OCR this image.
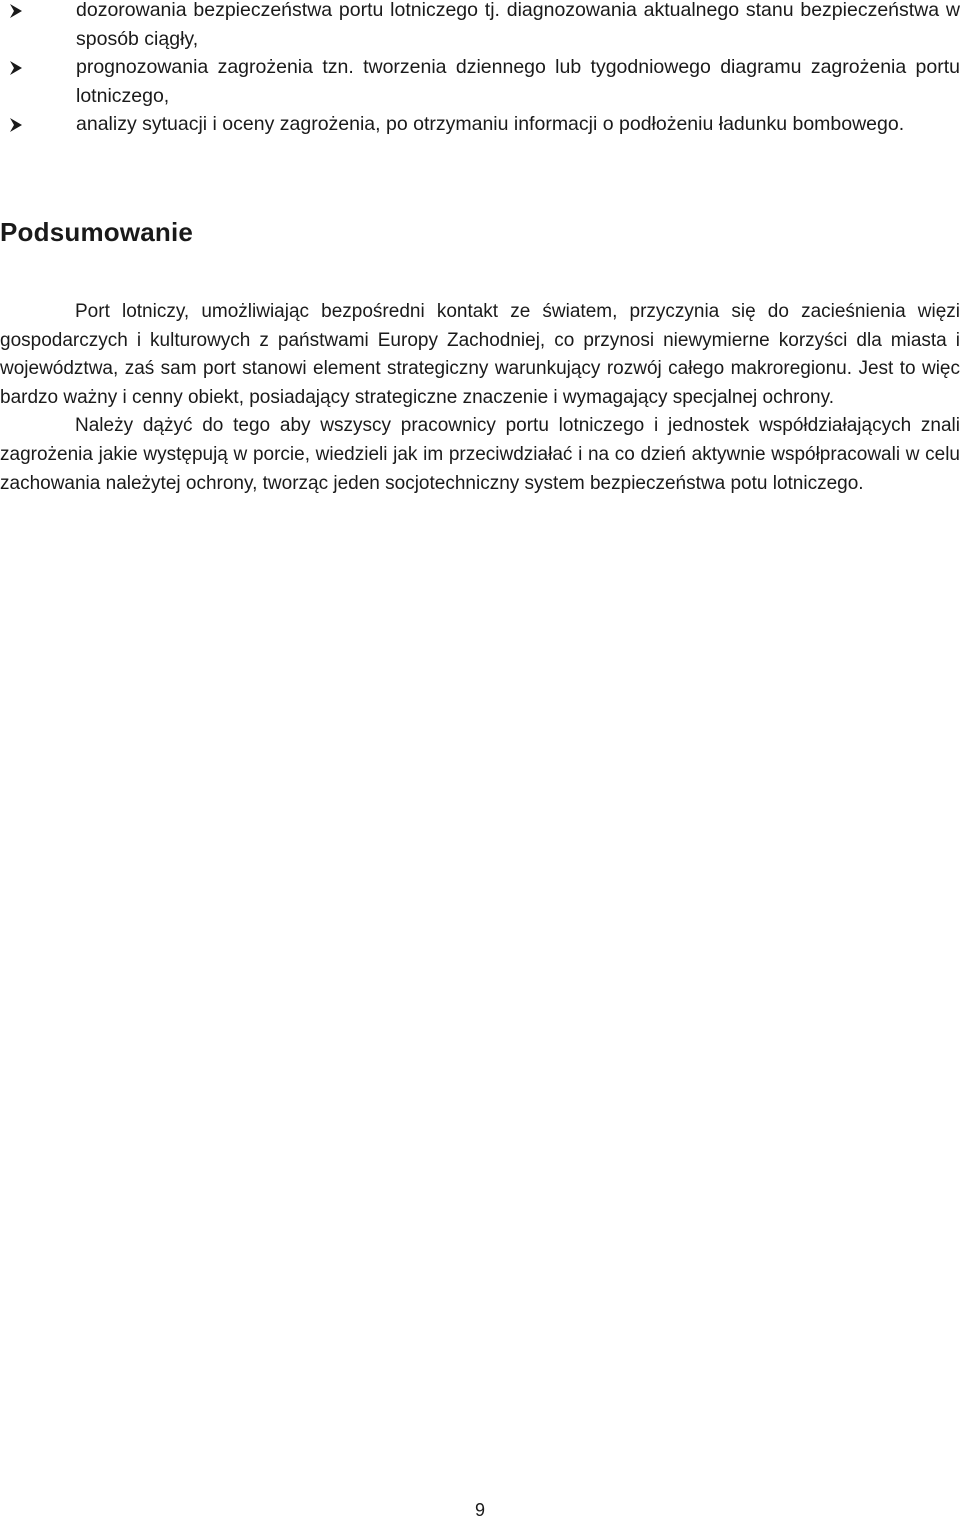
dozorowania bezpieczeństwa portu lotniczego tj. diagnozowania aktualnego stanu bezpieczeństwa w sposób ciągły,
prognozowania zagrożenia tzn. tworzenia dziennego lub tygodniowego diagramu zagrożenia portu lotniczego,
analizy sytuacji i oceny zagrożenia, po otrzymaniu informacji o podłożeniu ładunku bombowego.
Podsumowanie

Port lotniczy, umożliwiając bezpośredni kontakt ze światem, przyczynia się do zacieśnienia więzi gospodarczych i kulturowych z państwami Europy Zachodniej, co przynosi niewymierne korzyści dla miasta i województwa, zaś sam port stanowi element strategiczny warunkujący rozwój całego makroregionu. Jest to więc bardzo ważny i cenny obiekt, posiadający strategiczne znaczenie i wymagający specjalnej ochrony.

Należy dążyć do tego aby wszyscy pracownicy portu lotniczego i jednostek współdziałających znali zagrożenia jakie występują w porcie, wiedzieli jak im przeciwdziałać i na co dzień aktywnie współpracowali w celu zachowania należytej ochrony, tworząc jeden socjotechniczny system bezpieczeństwa potu lotniczego.

9
